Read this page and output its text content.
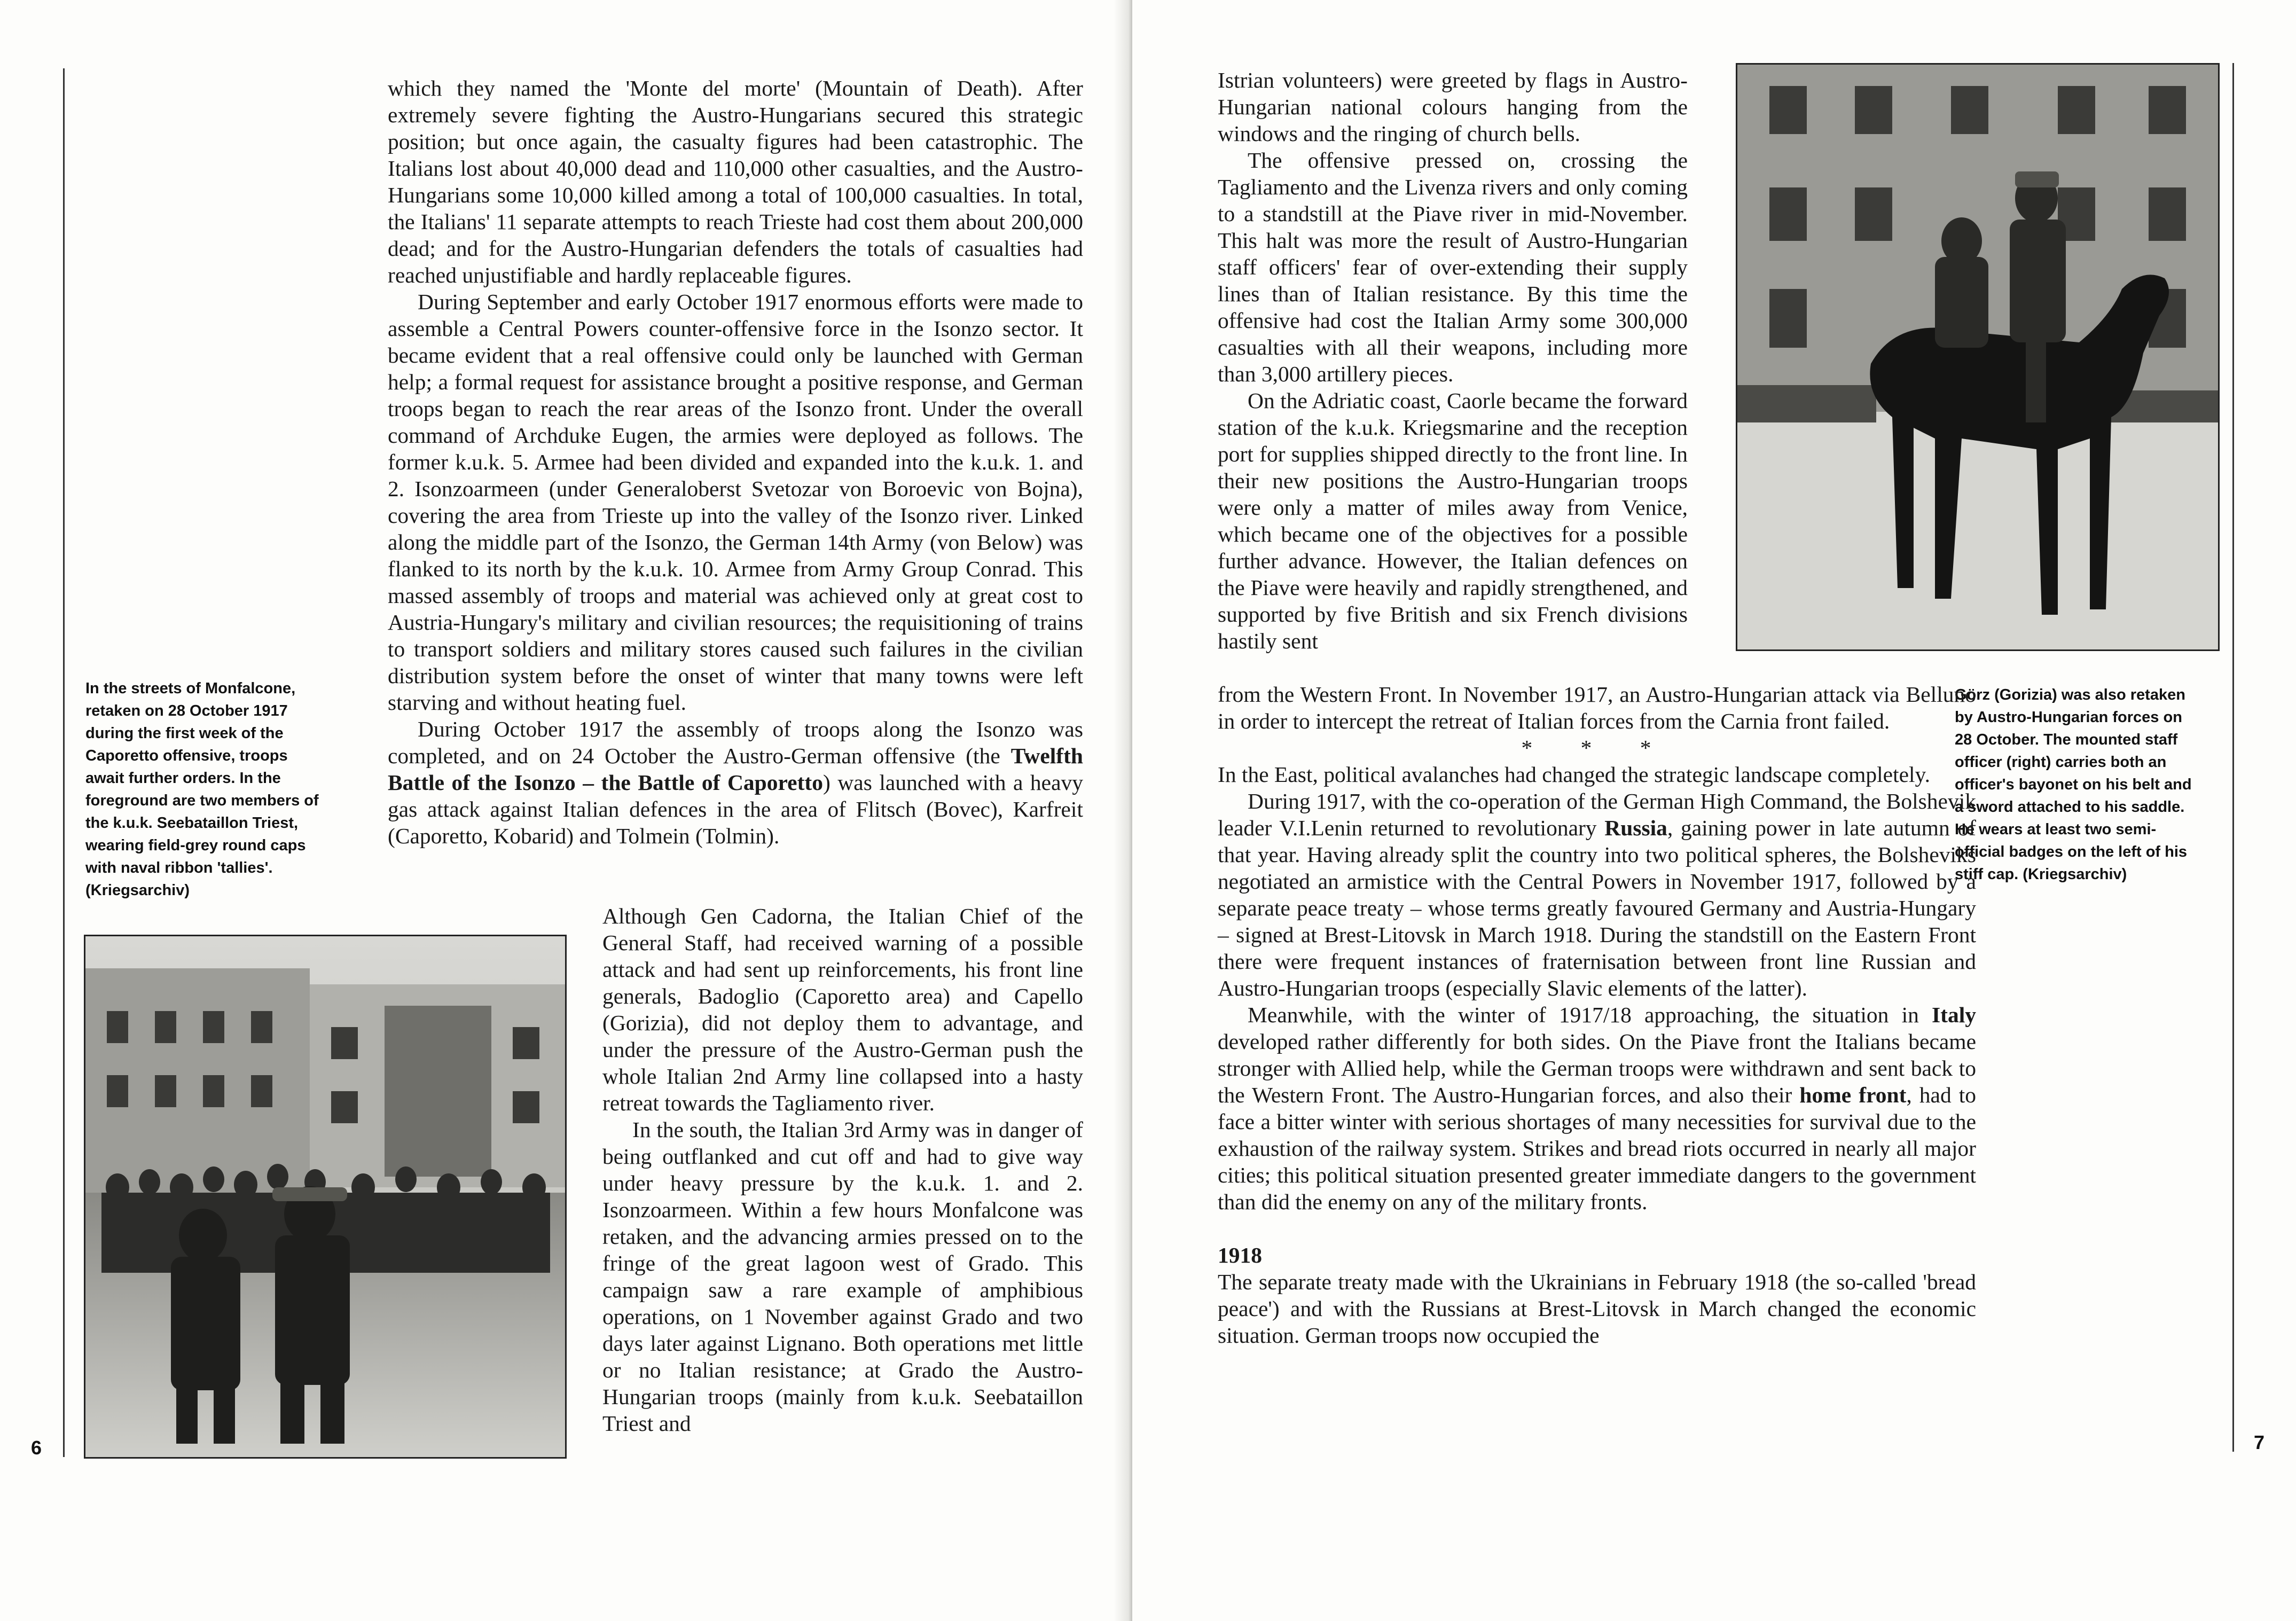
In the streets of Monfalcone, retaken on 28 October 1917 during the first week of the Caporetto offensive, troops await further orders. In the foreground are two members of the k.u.k. Seebataillon Triest, wearing field-grey round caps with naval ribbon 'tallies'. (Kriegsarchiv)
6

which they named the 'Monte del morte' (Mountain of Death). After extremely severe fighting the Austro-Hungarians secured this strategic position; but once again, the casualty figures had been catastrophic. The Italians lost about 40,000 dead and 110,000 other casualties, and the Austro-Hungarians some 10,000 killed among a total of 100,000 casualties. In total, the Italians' 11 separate attempts to reach Trieste had cost them about 200,000 dead; and for the Austro-Hungarian defenders the totals of casualties had reached unjustifiable and hardly replaceable figures.

During September and early October 1917 enormous efforts were made to assemble a Central Powers counter-offensive force in the Isonzo sector. It became evident that a real offensive could only be launched with German help; a formal request for assistance brought a positive response, and German troops began to reach the rear areas of the Isonzo front. Under the overall command of Archduke Eugen, the armies were deployed as follows. The former k.u.k. 5. Armee had been divided and expanded into the k.u.k. 1. and 2. Isonzoarmeen (under Generaloberst Svetozar von Boroevic von Bojna), covering the area from Trieste up into the valley of the Isonzo river. Linked along the middle part of the Isonzo, the German 14th Army (von Below) was flanked to its north by the k.u.k. 10. Armee from Army Group Conrad. This massed assembly of troops and material was achieved only at great cost to Austria-Hungary's military and civilian resources; the requisitioning of trains to transport soldiers and military stores caused such failures in the civilian distribution system before the onset of winter that many towns were left starving and without heating fuel.

During October 1917 the assembly of troops along the Isonzo was completed, and on 24 October the Austro-German offensive (the Twelfth Battle of the Isonzo – the Battle of Caporetto) was launched with a heavy gas attack against Italian defences in the area of Flitsch (Bovec), Karfreit (Caporetto, Kobarid) and Tolmein (Tolmin).

Although Gen Cadorna, the Italian Chief of the General Staff, had received warning of a possible attack and had sent up reinforcements, his front line generals, Badoglio (Caporetto area) and Capello (Gorizia), did not deploy them to advantage, and under the pressure of the Austro-German push the whole Italian 2nd Army line collapsed into a hasty retreat towards the Tagliamento river.

In the south, the Italian 3rd Army was in danger of being outflanked and cut off and had to give way under heavy pressure by the k.u.k. 1. and 2. Isonzoarmeen. Within a few hours Monfalcone was retaken, and the advancing armies pressed on to the fringe of the great lagoon west of Grado. This campaign saw a rare example of amphibious operations, on 1 November against Grado and two days later against Lignano. Both operations met little or no Italian resistance; at Grado the Austro-Hungarian troops (mainly from k.u.k. Seebataillon Triest and

Görz (Gorizia) was also retaken by Austro-Hungarian forces on 28 October. The mounted staff officer (right) carries both an officer's bayonet on his belt and a sword attached to his saddle. He wears at least two semi-official badges on the left of his stiff cap. (Kriegsarchiv)
7

Istrian volunteers) were greeted by flags in Austro-Hungarian national colours hanging from the windows and the ringing of church bells.

The offensive pressed on, crossing the Tagliamento and the Livenza rivers and only coming to a standstill at the Piave river in mid-November. This halt was more the result of Austro-Hungarian staff officers' fear of over-extending their supply lines than of Italian resistance. By this time the offensive had cost the Italian Army some 300,000 casualties with all their weapons, including more than 3,000 artillery pieces.

On the Adriatic coast, Caorle became the forward station of the k.u.k. Kriegsmarine and the reception port for supplies shipped directly to the front line. In their new positions the Austro-Hungarian troops were only a matter of miles away from Venice, which became one of the objectives for a possible further advance. However, the Italian defences on the Piave were heavily and rapidly strengthened, and supported by five British and six French divisions hastily sent

from the Western Front. In November 1917, an Austro-Hungarian attack via Belluno in order to intercept the retreat of Italian forces from the Carnia front failed.

* * *

In the East, political avalanches had changed the strategic landscape completely.

During 1917, with the co-operation of the German High Command, the Bolshevik leader V.I.Lenin returned to revolutionary Russia, gaining power in late autumn of that year. Having already split the country into two political spheres, the Bolsheviks negotiated an armistice with the Central Powers in November 1917, followed by a separate peace treaty – whose terms greatly favoured Germany and Austria-Hungary – signed at Brest-Litovsk in March 1918. During the standstill on the Eastern Front there were frequent instances of fraternisation between front line Russian and Austro-Hungarian troops (especially Slavic elements of the latter).

Meanwhile, with the winter of 1917/18 approaching, the situation in Italy developed rather differently for both sides. On the Piave front the Italians became stronger with Allied help, while the German troops were withdrawn and sent back to the Western Front. The Austro-Hungarian forces, and also their home front, had to face a bitter winter with serious shortages of many necessities for survival due to the exhaustion of the railway system. Strikes and bread riots occurred in nearly all major cities; this political situation presented greater immediate dangers to the government than did the enemy on any of the military fronts.

1918

The separate treaty made with the Ukrainians in February 1918 (the so-called 'bread peace') and with the Russians at Brest-Litovsk in March changed the economic situation. German troops now occupied the
